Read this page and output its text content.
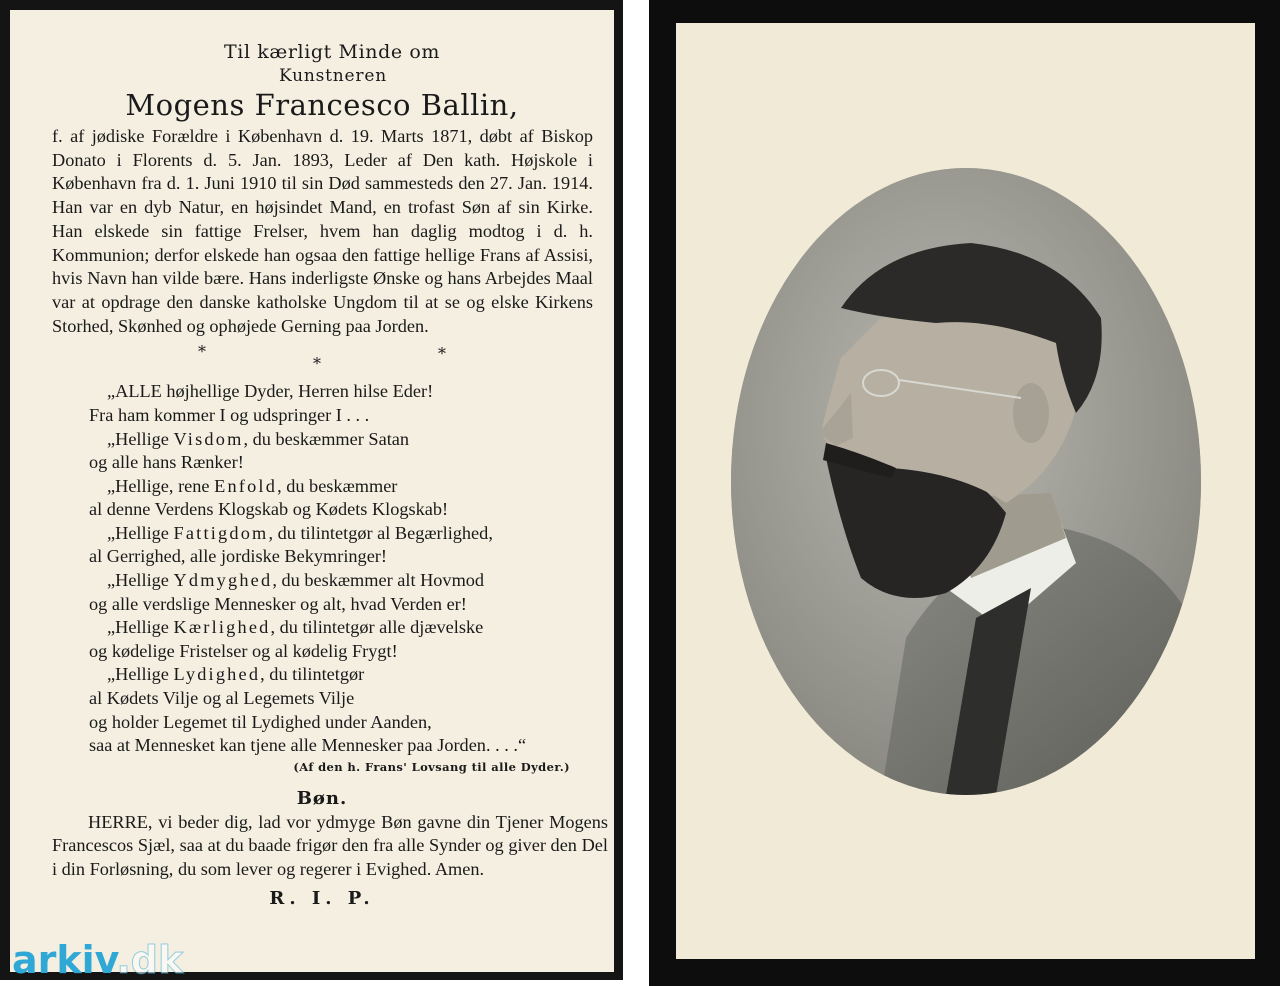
Til kærligt Minde om
Kunstneren
Mogens Francesco Ballin,

f. af jødiske Forældre i København d. 19. Marts 1871, døbt af Biskop Donato i Florents d. 5. Jan. 1893, Leder af Den kath. Højskole i København fra d. 1. Juni 1910 til sin Død sammesteds den 27. Jan. 1914. Han var en dyb Natur, en højsindet Mand, en trofast Søn af sin Kirke. Han elskede sin fattige Frelser, hvem han daglig modtog i d. h. Kommunion; derfor elskede han ogsaa den fattige hellige Frans af Assisi, hvis Navn han vilde bære. Hans inderligste Ønske og hans Arbejdes Maal var at opdrage den danske katholske Ungdom til at se og elske Kirkens Storhed, Skønhed og ophøjede Gerning paa Jorden.

*
*
*
„ALLE højhellige Dyder, Herren hilse Eder!
Fra ham kommer I og udspringer I . . .
„Hellige Visdom, du beskæmmer Satan
og alle hans Rænker!
„Hellige, rene Enfold, du beskæmmer
al denne Verdens Klogskab og Kødets Klogskab!
„Hellige Fattigdom, du tilintetgør al Begærlighed,
al Gerrighed, alle jordiske Bekymringer!
„Hellige Ydmyghed, du beskæmmer alt Hovmod
og alle verdslige Mennesker og alt, hvad Verden er!
„Hellige Kærlighed, du tilintetgør alle djævelske
og kødelige Fristelser og al kødelig Frygt!
„Hellige Lydighed, du tilintetgør
al Kødets Vilje og al Legemets Vilje
og holder Legemet til Lydighed under Aanden,
saa at Mennesket kan tjene alle Mennesker paa Jorden. . . .“
(Af den h. Frans' Lovsang til alle Dyder.)
Bøn.

HERRE, vi beder dig, lad vor ydmyge Bøn gavne din Tjener Mogens Francescos Sjæl, saa at du baade frigør den fra alle Synder og giver den Del i din Forløsning, du som lever og regerer i Evighed. Amen.

R. I. P.
arkiv.dk
